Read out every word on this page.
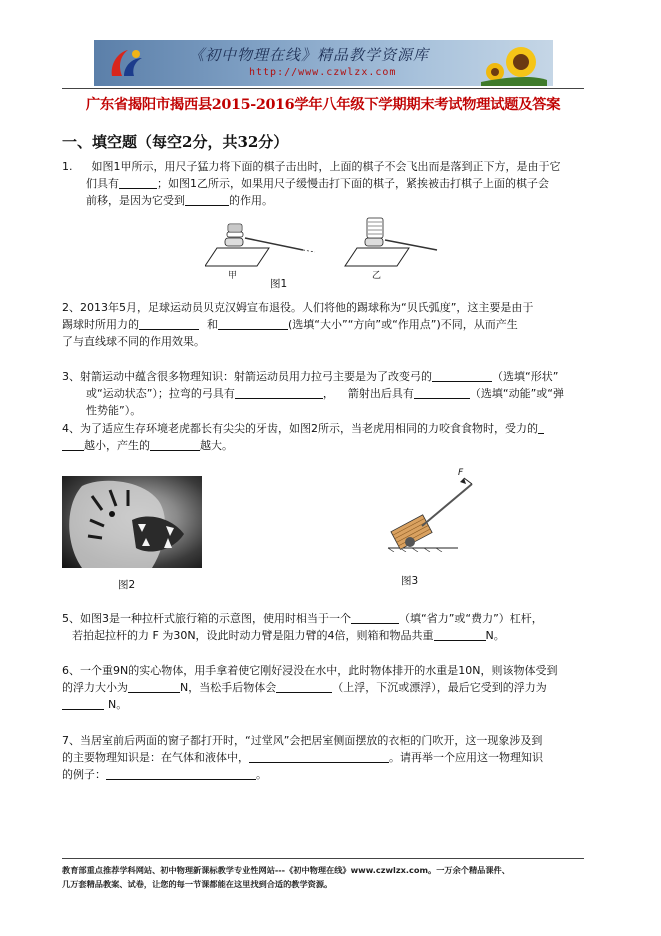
《初中物理在线》精品教学资源库
http://www.czwlzx.com
广东省揭阳市揭西县2015-2016学年八年级下学期期末考试物理试题及答案
一、填空题（每空2分，共32分）
1. 如图1甲所示，用尺子猛力将下面的棋子击出时，上面的棋子不会飞出而是落到正下方，是由于它
们具有	；如图1乙所示，如果用尺子缓慢击打下面的棋子，紧挨被击打棋子上面的棋子会
前移，是因为它受到	的作用。
甲	乙
图1
2、2013年5月，足球运动员贝克汉姆宣布退役。人们将他的踢球称为“贝氏弧度”，这主要是由于
踢球时所用力的	和	(选填“大小”“方向”或“作用点”)不同，从而产生
了与直线球不同的作用效果。
3、射箭运动中蕴含很多物理知识：射箭运动员用力拉弓主要是为了改变弓的	（选填“形状”
或“运动状态”）；拉弯的弓具有	， 箭射出后具有	（选填“动能”或“弹
性势能”）。
4、为了适应生存环境老虎都长有尖尖的牙齿，如图2所示，当老虎用相同的力咬食食物时，受力的
越小，产生的	越大。
图2
F
图3
5、如图3是一种拉杆式旅行箱的示意图，使用时相当于一个	（填“省力”或“费力”）杠杆，
若拍起拉杆的力 F 为30N，设此时动力臂是阻力臂的4倍，则箱和物品共重	N。
6、一个重9N的实心物体，用手拿着使它刚好浸没在水中，此时物体排开的水重是10N，则该物体受到
的浮力大小为	N，当松手后物体会	（上浮，下沉或漂浮），最后它受到的浮力为
N。
7、当居室前后两面的窗子都打开时，“过堂风”会把居室侧面摆放的衣柜的门吹开，这一现象涉及到
的主要物理知识是：在气体和液体中，	。请再举一个应用这一物理知识
的例子：	。
教育部重点推荐学科网站、初中物理新课标教学专业性网站---《初中物理在线》www.czwlzx.com。一万余个精品课件、
几万套精品教案、试卷，让您的每一节课都能在这里找到合适的教学资源。
